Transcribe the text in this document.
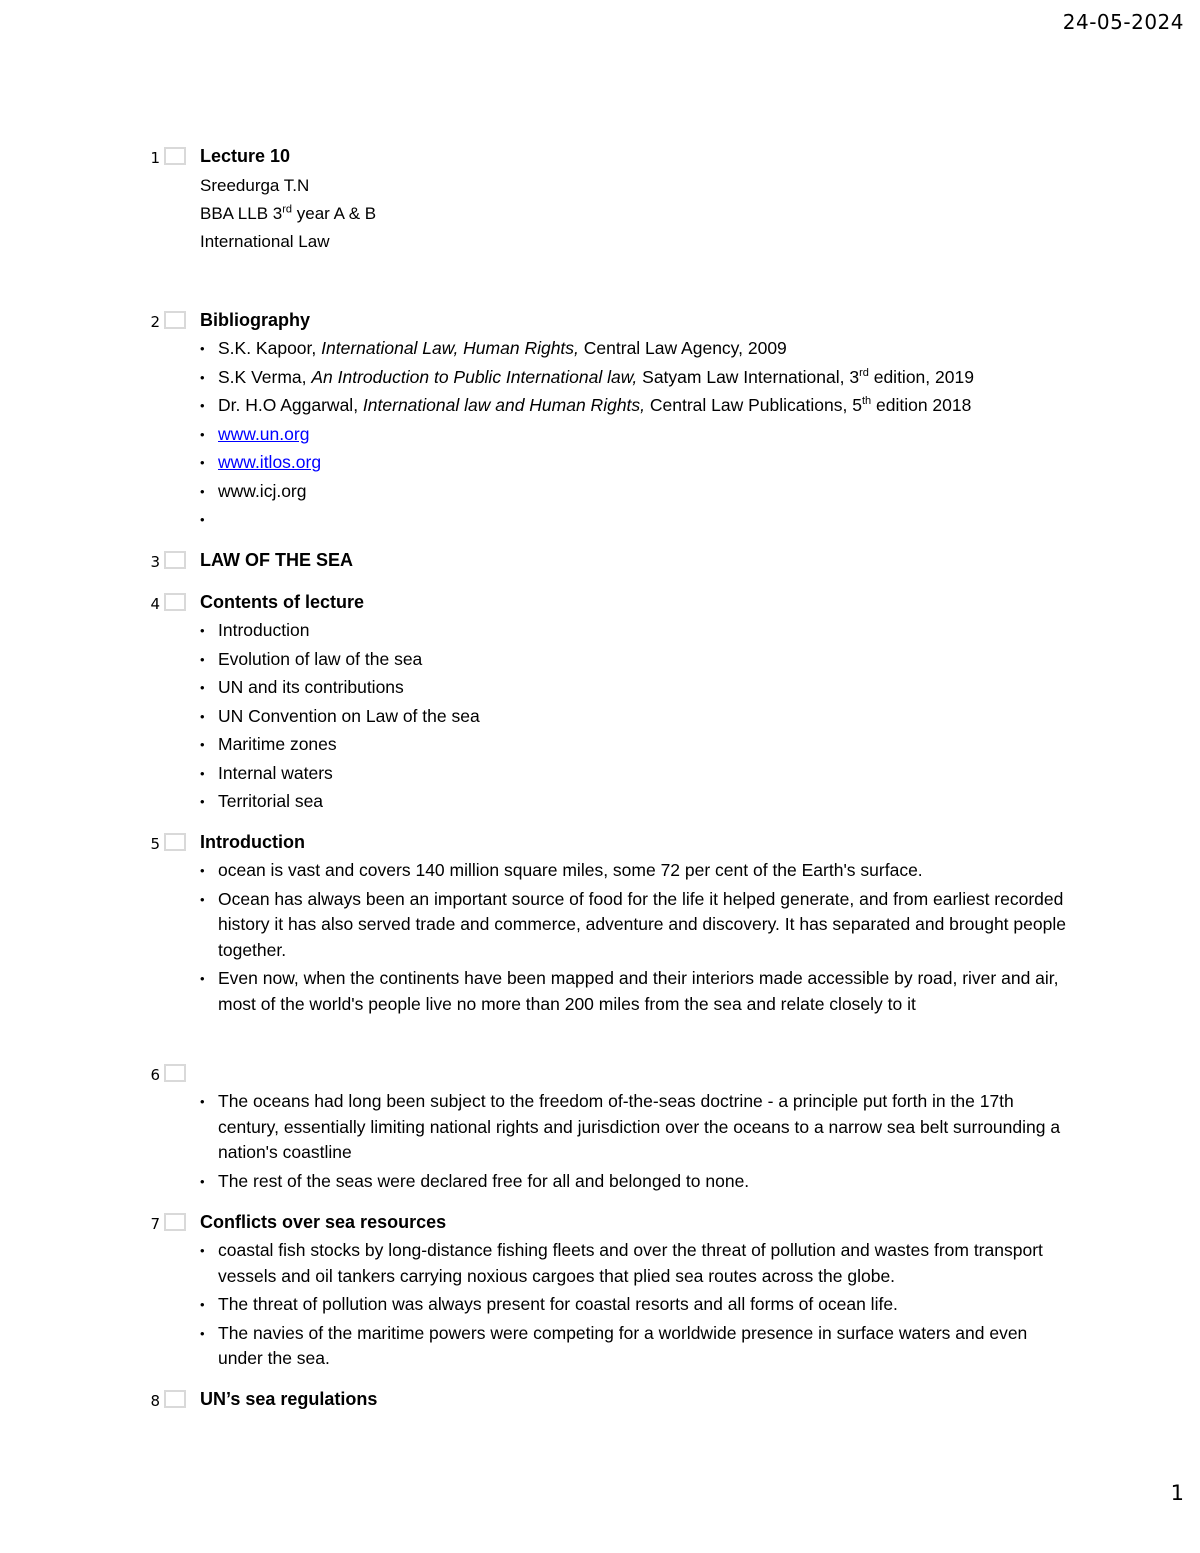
24-05-2024
1 Lecture 10
Sreedurga T.N
BBA LLB 3rd year A & B
International Law
2 Bibliography
• S.K. Kapoor, International Law, Human Rights, Central Law Agency, 2009
• S.K Verma, An Introduction to Public International law, Satyam Law International, 3rd edition, 2019
• Dr. H.O Aggarwal, International law and Human Rights, Central Law Publications, 5th edition 2018
• www.un.org
• www.itlos.org
• www.icj.org
•
3 LAW OF THE SEA
4 Contents of lecture
• Introduction
• Evolution of law of the sea
• UN and its contributions
• UN Convention on Law of the sea
• Maritime zones
• Internal waters
• Territorial sea
5 Introduction
• ocean is vast and covers 140 million square miles, some 72 per cent of the Earth's surface.
• Ocean has always been an important source of food for the life it helped generate, and from earliest recorded history it has also served trade and commerce, adventure and discovery. It has separated and brought people together.
• Even now, when the continents have been mapped and their interiors made accessible by road, river and air, most of the world's people live no more than 200 miles from the sea and relate closely to it
6
• The oceans had long been subject to the freedom of-the-seas doctrine - a principle put forth in the 17th century, essentially limiting national rights and jurisdiction over the oceans to a narrow sea belt surrounding a nation's coastline
• The rest of the seas were declared free for all and belonged to none.
7 Conflicts over sea resources
• coastal fish stocks by long-distance fishing fleets and over the threat of pollution and wastes from transport vessels and oil tankers carrying noxious cargoes that plied sea routes across the globe.
• The threat of pollution was always present for coastal resorts and all forms of ocean life.
• The navies of the maritime powers were competing for a worldwide presence in surface waters and even under the sea.
8 UN’s sea regulations
1
